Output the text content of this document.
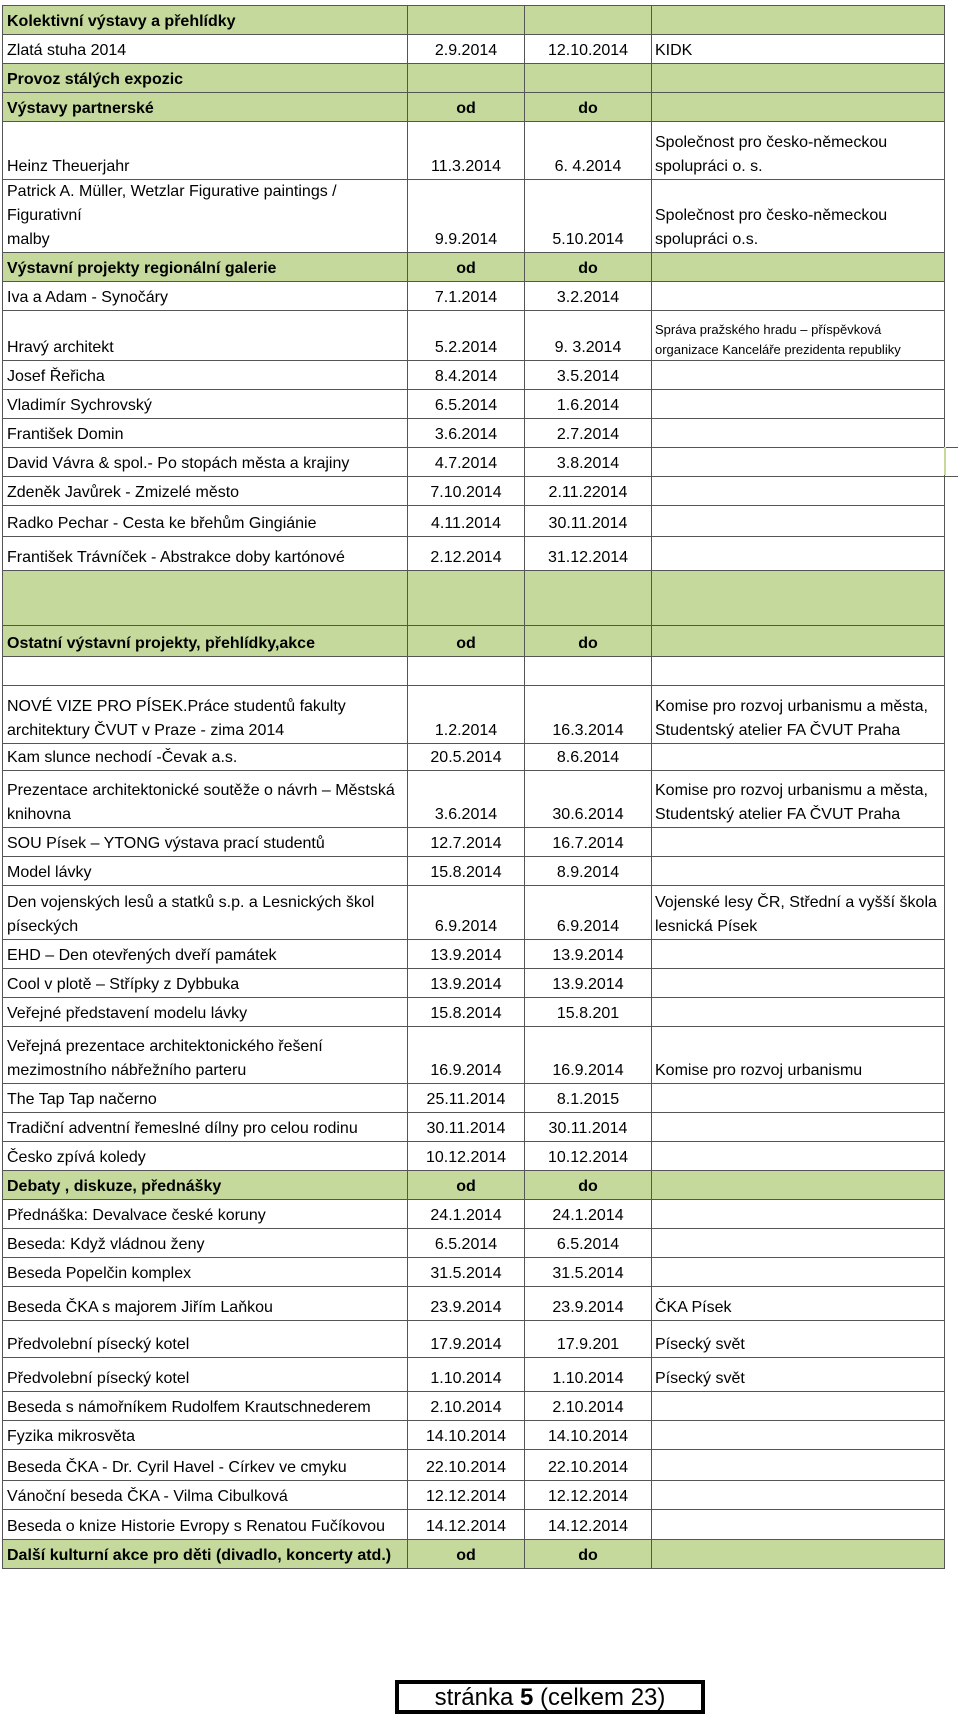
Kolektivní výstavy a přehlídky			
Zlatá stuha 2014	2.9.2014	12.10.2014	KIDK
Provoz stálých expozic			
Výstavy partnerské	od	do	
Heinz Theuerjahr	11.3.2014	6. 4.2014	Společnost pro česko-německou
spolupráci o. s.
Patrick A. Müller, Wetzlar Figurative paintings / Figurativní
malby	9.9.2014	5.10.2014	Společnost pro česko-německou
spolupráci o.s.
Výstavní projekty regionální galerie	od	do	
Iva a Adam - Synočáry	7.1.2014	3.2.2014	
Hravý architekt	5.2.2014	9. 3.2014	Správa pražského hradu – příspěvková
organizace Kanceláře prezidenta republiky
Josef Řeřicha	8.4.2014	3.5.2014	
Vladimír Sychrovský	6.5.2014	1.6.2014	
František Domin	3.6.2014	2.7.2014	
David Vávra & spol.- Po stopách města a krajiny	4.7.2014	3.8.2014	
Zdeněk Javůrek - Zmizelé město	7.10.2014	2.11.22014	
Radko Pechar - Cesta ke břehům Gingiánie	4.11.2014	30.11.2014	
František Trávníček - Abstrakce doby kartónové	2.12.2014	31.12.2014	

Ostatní výstavní projekty, přehlídky,akce	od	do	

NOVÉ VIZE PRO PÍSEK.Práce studentů fakulty
architektury ČVUT v Praze - zima 2014	1.2.2014	16.3.2014	Komise pro rozvoj urbanismu a města,
Studentský atelier FA ČVUT Praha
Kam slunce nechodí -Čevak a.s.	20.5.2014	8.6.2014	
Prezentace architektonické soutěže o návrh – Městská
knihovna	3.6.2014	30.6.2014	Komise pro rozvoj urbanismu a města,
Studentský atelier FA ČVUT Praha
SOU Písek – YTONG výstava prací studentů	12.7.2014	16.7.2014	
Model lávky	15.8.2014	8.9.2014	
Den vojenských lesů a statků s.p. a Lesnických škol
píseckých	6.9.2014	6.9.2014	Vojenské lesy ČR, Střední a vyšší škola
lesnická Písek
EHD – Den otevřených dveří památek	13.9.2014	13.9.2014	
Cool v plotě – Střípky z Dybbuka	13.9.2014	13.9.2014	
Veřejné představení modelu lávky	15.8.2014	15.8.201	
Veřejná prezentace architektonického řešení
mezimostního nábřežního parteru	16.9.2014	16.9.2014	Komise pro rozvoj urbanismu
The Tap Tap načerno	25.11.2014	8.1.2015	
Tradiční adventní řemeslné dílny pro celou rodinu	30.11.2014	30.11.2014	
Česko zpívá koledy	10.12.2014	10.12.2014	
Debaty , diskuze, přednášky	od	do	
Přednáška: Devalvace české koruny	24.1.2014	24.1.2014	
Beseda: Když vládnou ženy	6.5.2014	6.5.2014	
Beseda Popelčin komplex	31.5.2014	31.5.2014	
Beseda ČKA s majorem Jiřím Laňkou	23.9.2014	23.9.2014	ČKA Písek
Předvolební písecký kotel	17.9.2014	17.9.201	Písecký svět
Předvolební písecký kotel	1.10.2014	1.10.2014	Písecký svět
Beseda s námořníkem Rudolfem Krautschnederem	2.10.2014	2.10.2014	
Fyzika mikrosvěta	14.10.2014	14.10.2014	
Beseda ČKA - Dr. Cyril Havel - Církev ve cmyku	22.10.2014	22.10.2014	
Vánoční beseda ČKA - Vilma Cibulková	12.12.2014	12.12.2014	
Beseda o knize Historie Evropy s Renatou Fučíkovou	14.12.2014	14.12.2014	
Další kulturní akce pro děti (divadlo, koncerty atd.)	od	do	
stránka 5 (celkem 23)
